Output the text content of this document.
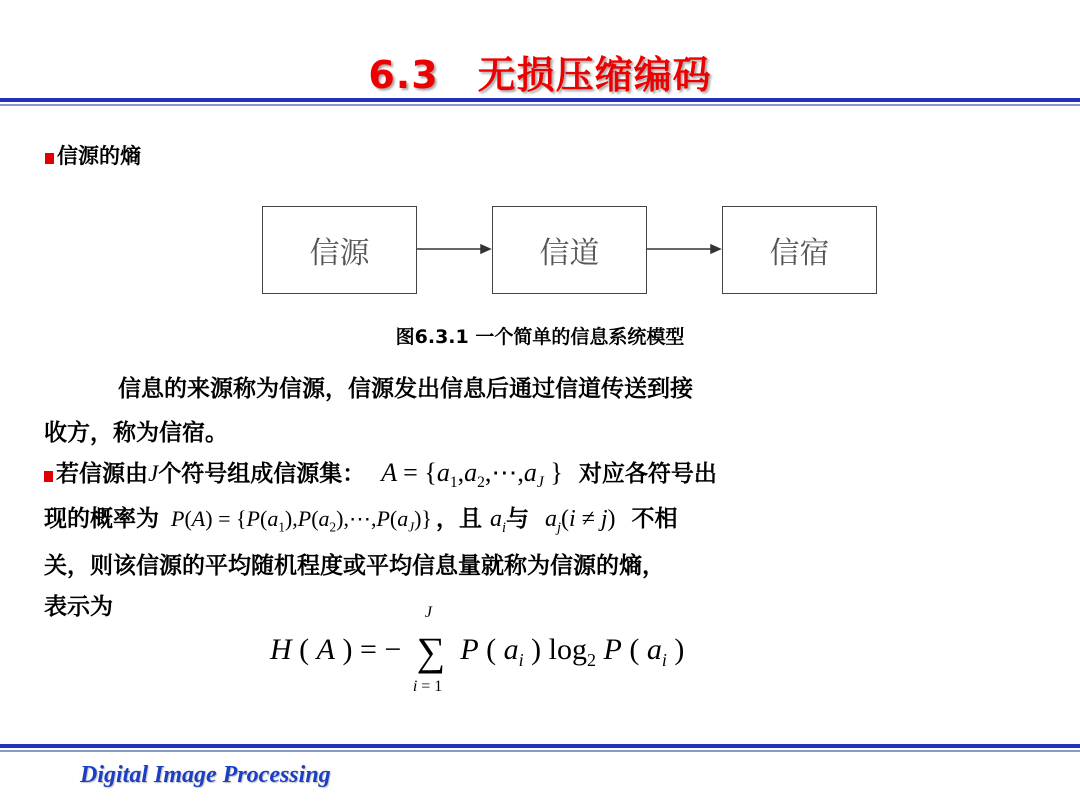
6.3　无损压缩编码
信源的熵
信源	信道	信宿
图6.3.1 一个简单的信息系统模型
信息的来源称为信源，信源发出信息后通过信道传送到接
收方，称为信宿。
若信源由J个符号组成信源集： $A = \{a_1,a_2,\cdots,a_J$ } 对应各符号出
现的概率为 $P(A) = \{P(a_1),P(a_2),\cdots,P(a_J)\}$ ，且 $a_i$与 $a_j(i \ne j)$ 不相
关，则该信源的平均随机程度或平均信息量就称为信源的熵，
表示为
H ( A ) = − ∑
J
i = 1
P ( $a_i$ ) $\log_2 P$ ( $a_i$ )
Digital Image Processing
